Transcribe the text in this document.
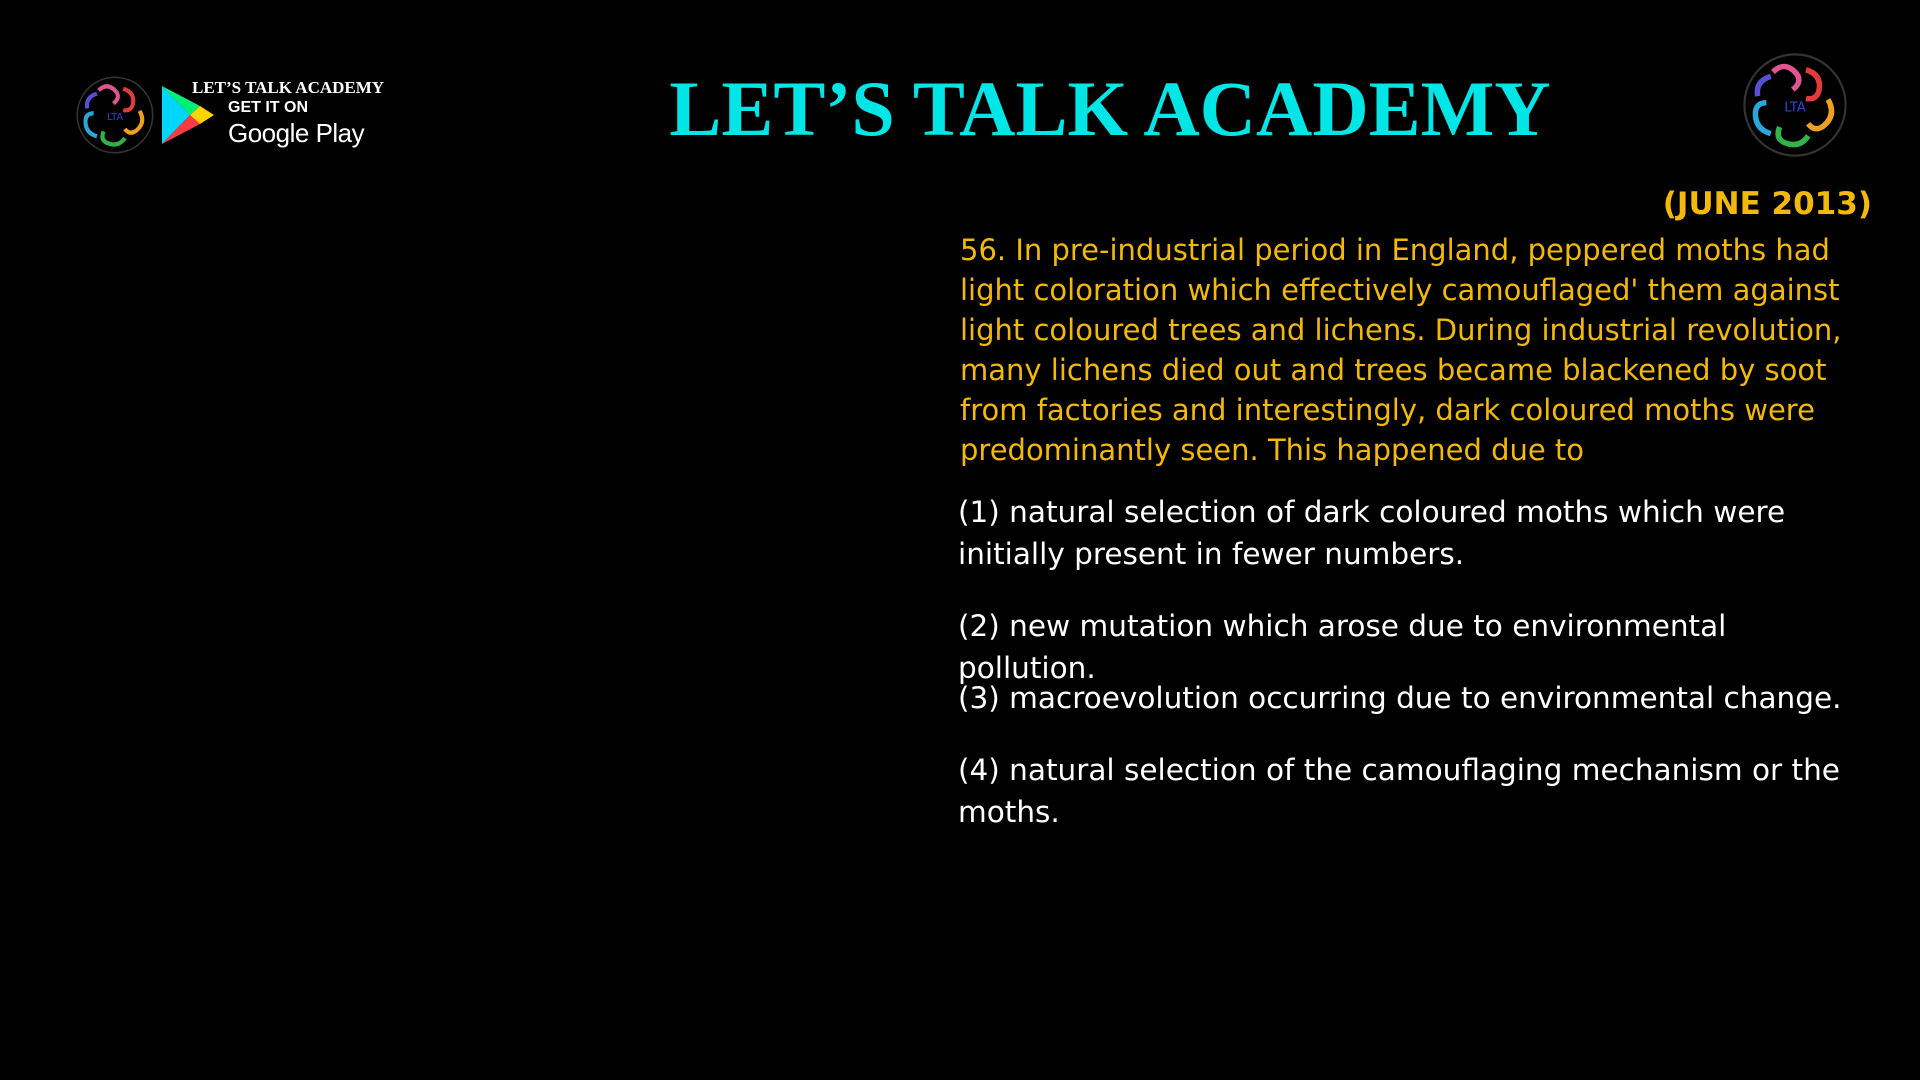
LTA
LET’S TALK ACADEMY
GET IT ON
Google Play	LET’S TALK ACADEMY	LTA
(JUNE 2013)

56. In pre-industrial period in England, peppered moths had light coloration which effectively camouflaged' them against light coloured trees and lichens. During industrial revolution, many lichens died out and trees became blackened by soot from factories and interestingly, dark coloured moths were predominantly seen. This happened due to

(1) natural selection of dark coloured moths which were initially present in fewer numbers.

(2) new mutation which arose due to environmental pollution.

(3) macroevolution occurring due to environmental change.

(4) natural selection of the camouflaging mechanism or the moths.
